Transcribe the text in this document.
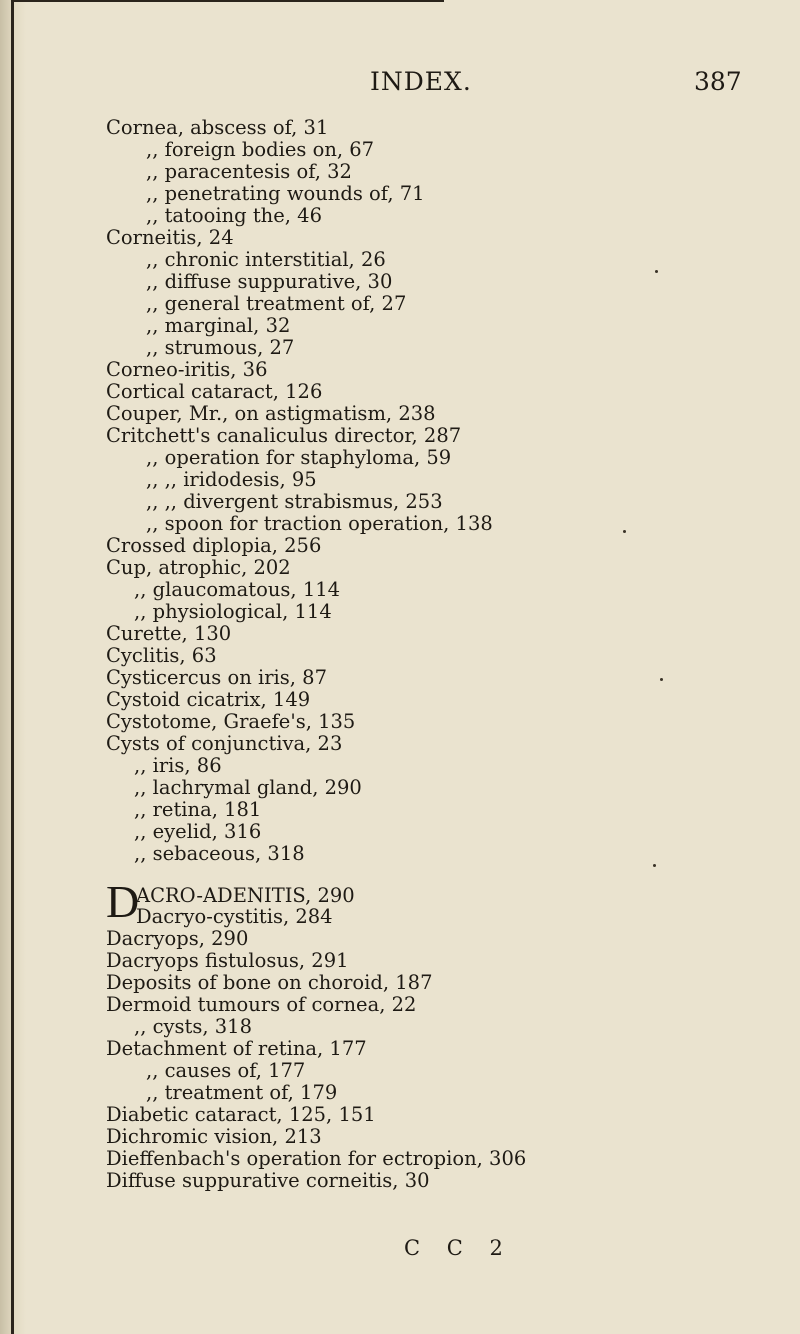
INDEX.	387
Cornea, abscess of, 31
,, foreign bodies on, 67
,, paracentesis of, 32
,, penetrating wounds of, 71
,, tatooing the, 46
Corneitis, 24
,, chronic interstitial, 26
,, diffuse suppurative, 30
,, general treatment of, 27
,, marginal, 32
,, strumous, 27
Corneo-iritis, 36
Cortical cataract, 126
Couper, Mr., on astigmatism, 238
Critchett's canaliculus director, 287
,, operation for staphyloma, 59
,, ,, iridodesis, 95
,, ,, divergent strabismus, 253
,, spoon for traction operation, 138
Crossed diplopia, 256
Cup, atrophic, 202
,, glaucomatous, 114
,, physiological, 114
Curette, 130
Cyclitis, 63
Cysticercus on iris, 87
Cystoid cicatrix, 149
Cystotome, Graefe's, 135
Cysts of conjunctiva, 23
,, iris, 86
,, lachrymal gland, 290
,, retina, 181
,, eyelid, 316
,, sebaceous, 318
D
ACRO-ADENITIS, 290
Dacryo-cystitis, 284
Dacryops, 290
Dacryops fistulosus, 291
Deposits of bone on choroid, 187
Dermoid tumours of cornea, 22
,, cysts, 318
Detachment of retina, 177
,, causes of, 177
,, treatment of, 179
Diabetic cataract, 125, 151
Dichromic vision, 213
Dieffenbach's operation for ectropion, 306
Diffuse suppurative corneitis, 30
C C 2
